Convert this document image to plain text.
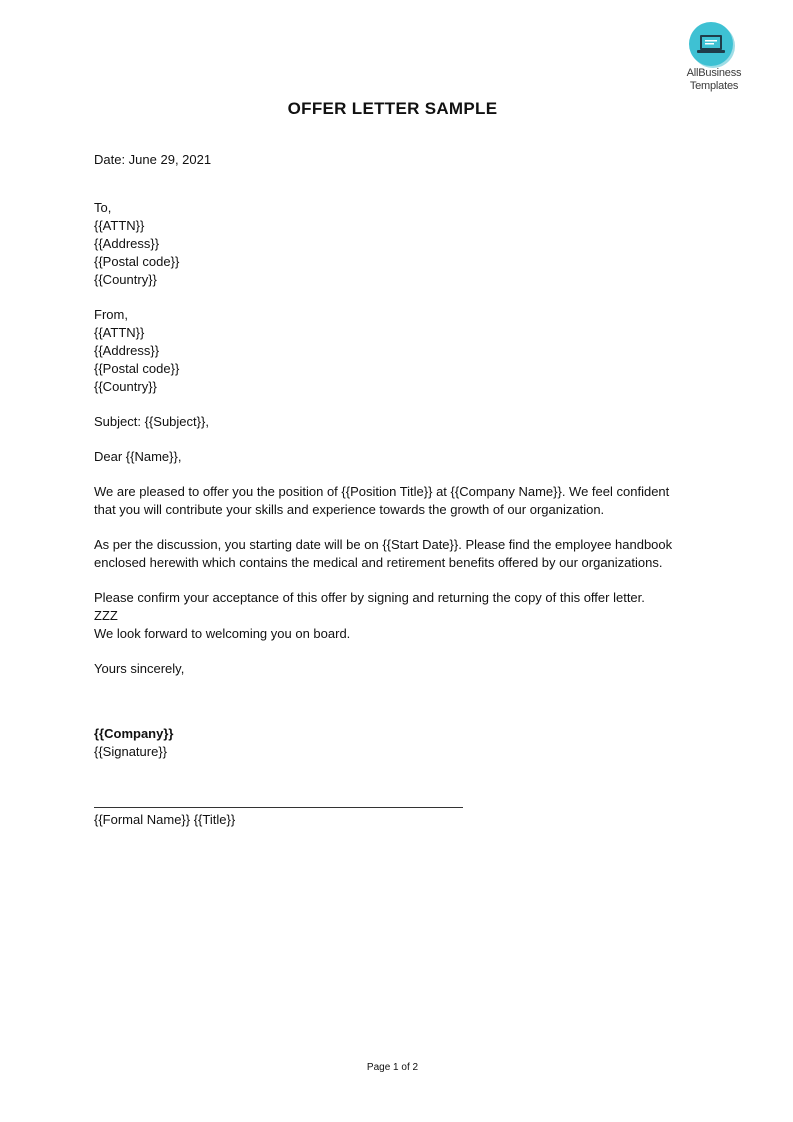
AllBusiness
Templates
OFFER LETTER SAMPLE

Date: June 29, 2021

To,

{{ATTN}}

{{Address}}

{{Postal code}}

{{Country}}

From,

{{ATTN}}

{{Address}}

{{Postal code}}

{{Country}}

Subject: {{Subject}},

Dear {{Name}},

We are pleased to offer you the position of {{Position Title}} at {{Company Name}}. We feel confident

that you will contribute your skills and experience towards the growth of our organization.

As per the discussion, you starting date will be on {{Start Date}}. Please find the employee handbook

enclosed herewith which contains the medical and retirement benefits offered by our organizations.

Please confirm your acceptance of this offer by signing and returning the copy of this offer letter.

ZZZ

We look forward to welcoming you on board.

Yours sincerely,

{{Company}}

{{Signature}}

{{Formal Name}} {{Title}}
Page 1 of 2
